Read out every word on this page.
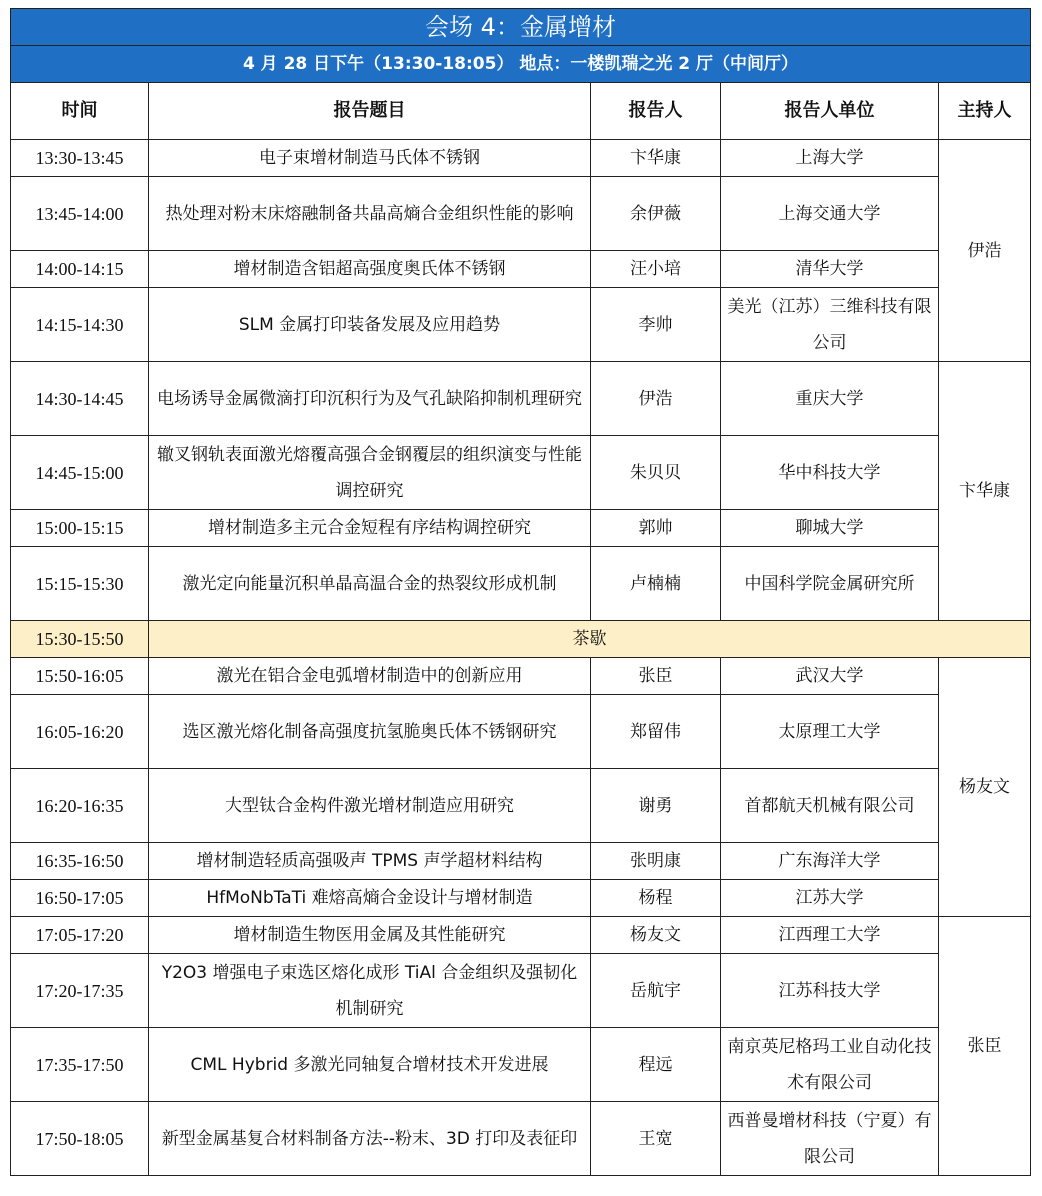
会场 4：金属增材				
4 月 28 日下午（13:30-18:05） 地点：一楼凯瑞之光 2 厅（中间厅）				
时间	报告题目	报告人	报告人单位	主持人
13:30-13:45	电子束增材制造马氏体不锈钢	卞华康	上海大学	伊浩
13:45-14:00	热处理对粉末床熔融制备共晶高熵合金组织性能的影响	余伊薇	上海交通大学	
14:00-14:15	增材制造含铝超高强度奥氏体不锈钢	汪小培	清华大学	
14:15-14:30	SLM 金属打印装备发展及应用趋势	李帅	美光（江苏）三维科技有限公司	
14:30-14:45	电场诱导金属微滴打印沉积行为及气孔缺陷抑制机理研究	伊浩	重庆大学	卞华康
14:45-15:00	辙叉钢轨表面激光熔覆高强合金钢覆层的组织演变与性能调控研究	朱贝贝	华中科技大学	
15:00-15:15	增材制造多主元合金短程有序结构调控研究	郭帅	聊城大学	
15:15-15:30	激光定向能量沉积单晶高温合金的热裂纹形成机制	卢楠楠	中国科学院金属研究所	
15:30-15:50	茶歇			
15:50-16:05	激光在铝合金电弧增材制造中的创新应用	张臣	武汉大学	杨友文
16:05-16:20	选区激光熔化制备高强度抗氢脆奥氏体不锈钢研究	郑留伟	太原理工大学	
16:20-16:35	大型钛合金构件激光增材制造应用研究	谢勇	首都航天机械有限公司	
16:35-16:50	增材制造轻质高强吸声 TPMS 声学超材料结构	张明康	广东海洋大学	
16:50-17:05	HfMoNbTaTi 难熔高熵合金设计与增材制造	杨程	江苏大学	
17:05-17:20	增材制造生物医用金属及其性能研究	杨友文	江西理工大学	张臣
17:20-17:35	Y2O3 增强电子束选区熔化成形 TiAl 合金组织及强韧化机制研究	岳航宇	江苏科技大学	
17:35-17:50	CML Hybrid 多激光同轴复合增材技术开发进展	程远	南京英尼格玛工业自动化技术有限公司	
17:50-18:05	新型金属基复合材料制备方法--粉末、3D 打印及表征印	王宽	西普曼增材科技（宁夏）有限公司	
